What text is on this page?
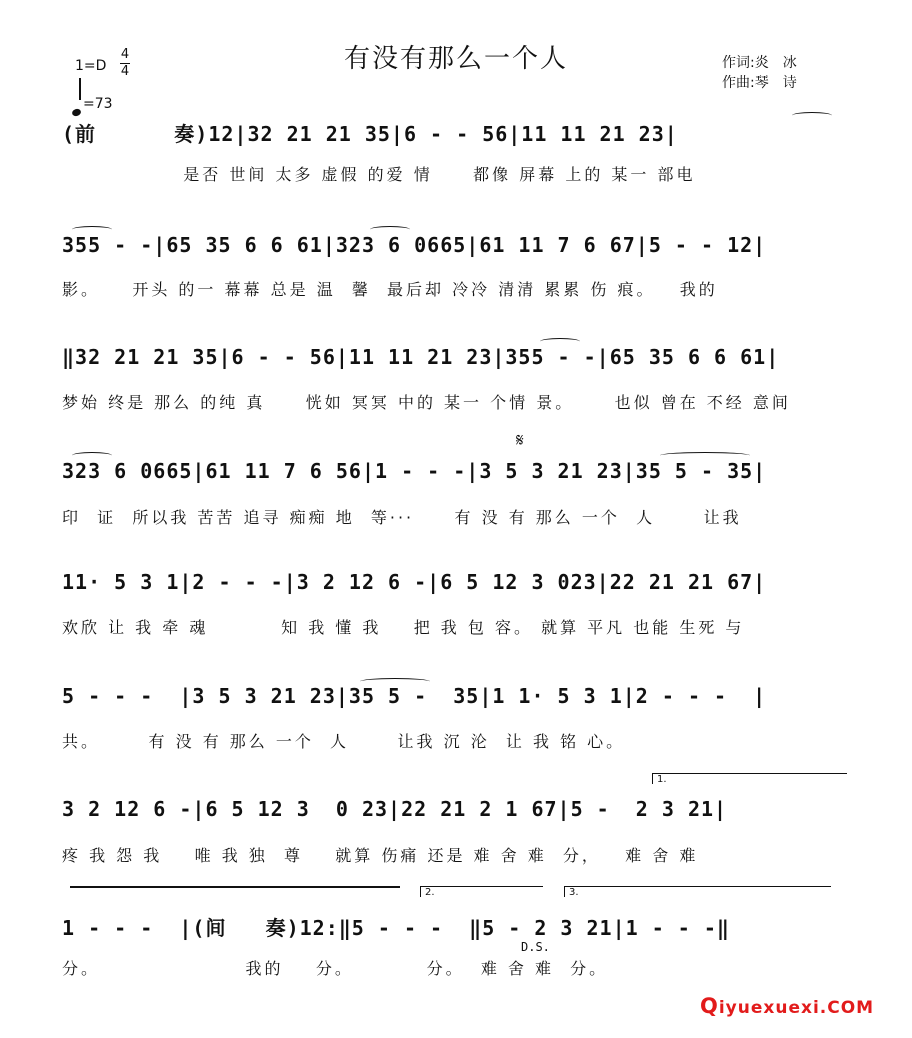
1=D
4
4
=73
有没有那么一个人	作词:炎　冰
作曲:琴　诗
(前      奏)12|32 21 21 35|6 - - 56|11 11 21 23|
是否 世间 太多 虚假 的爱 情     都像 屏幕 上的 某一 部电
355 - -|65 35 6 6 61|323 6 0665|61 11 7 6 67|5 - - 12|
影。    开头 的一 幕幕 总是 温  馨  最后却 冷冷 清清 累累 伤 痕。   我的
‖32 21 21 35|6 - - 56|11 11 21 23|355 - -|65 35 6 6 61|
梦始 终是 那么 的纯 真     恍如 冥冥 中的 某一 个情 景。     也似 曾在 不经 意间
323 6 0665|61 11 7 6 56|1 - - -|3 5 3 21 23|35 5 - 35|
印  证  所以我 苦苦 追寻 痴痴 地  等···     有 没 有 那么 一个  人      让我
11· 5 3 1|2 - - -|3 2 12 6 -|6 5 12 3 023|22 21 21 67|
欢欣 让 我 牵 魂         知 我 懂 我    把 我 包 容。 就算 平凡 也能 生死 与
5 - - -  |3 5 3 21 23|35 5 -  35|1 1· 5 3 1|2 - - -  |
共。      有 没 有 那么 一个  人      让我 沉 沦  让 我 铭 心。
3 2 12 6 -|6 5 12 3  0 23|22 21 2 1 67|5 -  2 3 21|
疼 我 怨 我    唯 我 独  尊    就算 伤痛 还是 难 舍 难  分，   难 舍 难
1 - - -  |(间   奏)12:‖5 - - -  ‖5 - 2 3 21|1 - - -‖
分。                  我的    分。         分。  难 舍 难  分。
1.
2.	3.
𝄋
D.S.
Qiyuexuexi.COM
